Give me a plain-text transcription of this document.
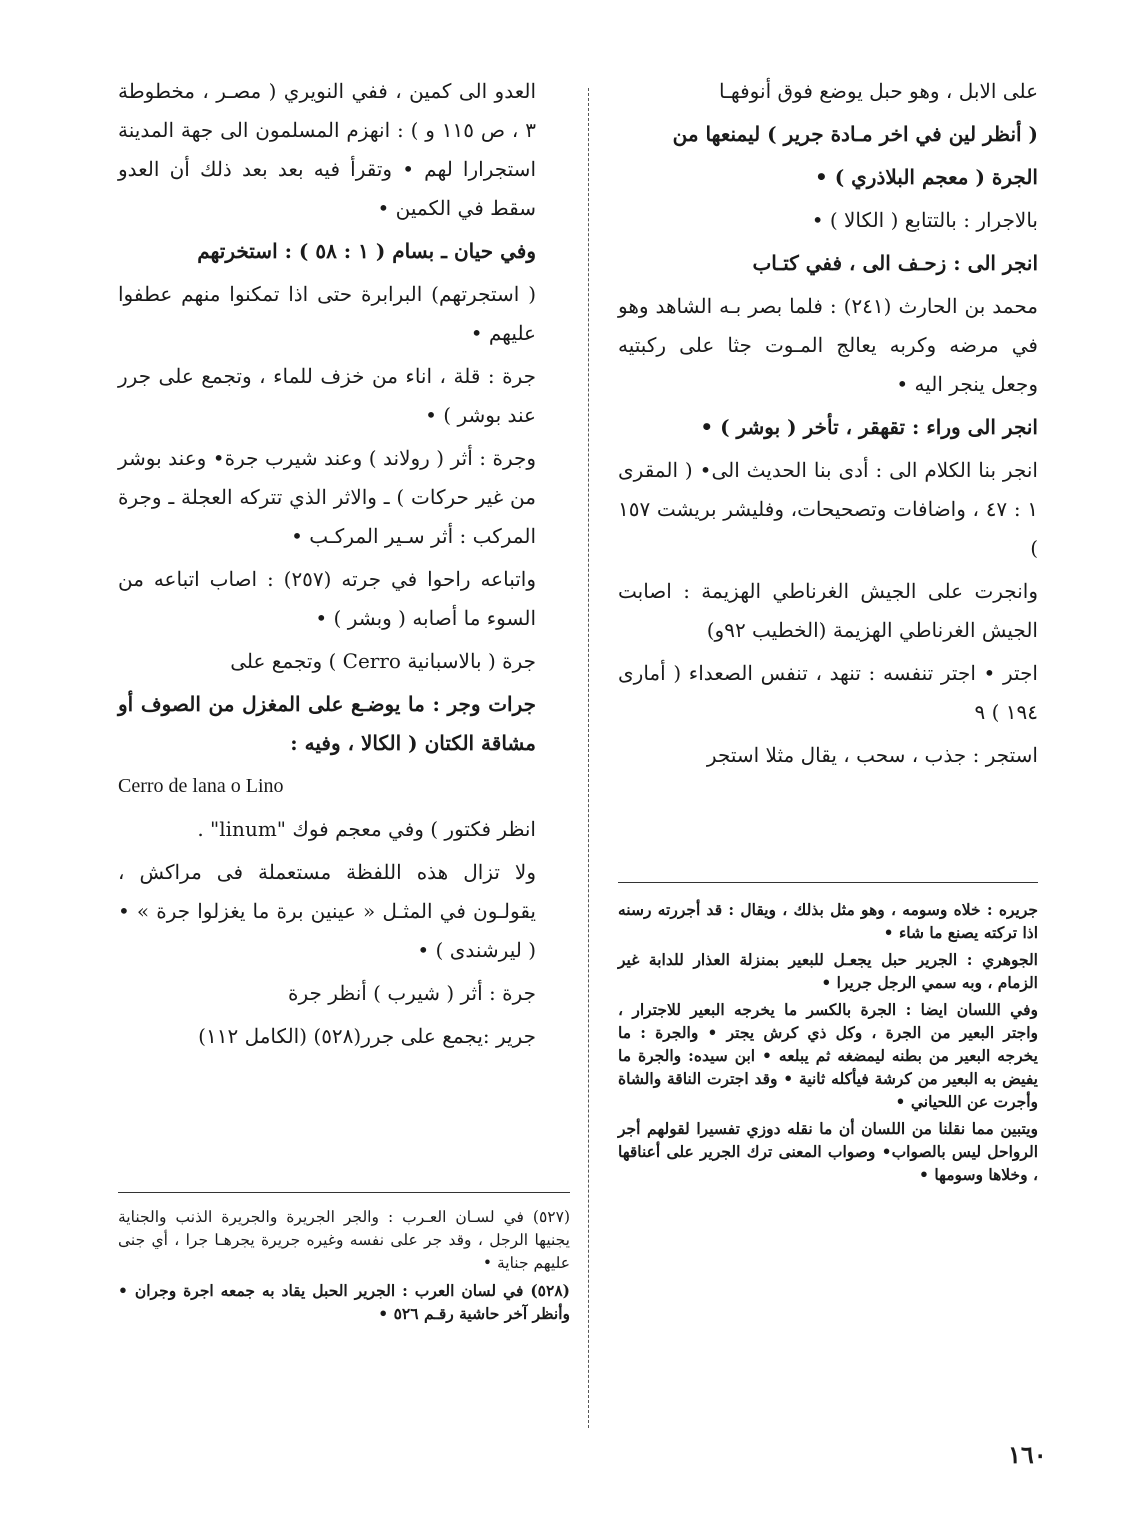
على الابل ، وهو حبل يوضع فوق أنوفهـا

( أنظر لين في اخر مـادة جرير ) ليمنعها من

الجرة ( معجم البلاذري ) •

بالاجرار : بالتتابع ( الكالا ) •

انجر الى : زحـف الى ، ففي كتـاب

محمد بن الحارث (٢٤١) : فلما بصر بـه الشاهد وهو في مرضه وكربه يعالج المـوت جثا على ركبتيه وجعل ينجر اليه •

انجر الى وراء : تقهقر ، تأخر ( بوشر ) •

انجر بنا الكلام الى : أدى بنا الحديث الى• ( المقرى ١ : ٤٧ ، واضافات وتصحيحات، وفليشر بريشت ١٥٧ )

وانجرت على الجيش الغرناطي الهزيمة : اصابت الجيش الغرناطي الهزيمة (الخطيب ٩٢و)

اجتر • اجتر تنفسه : تنهد ، تنفس الصعداء ( أمارى ١٩٤ ) ٩

استجر : جذب ، سحب ، يقال مثلا استجر

جريره : خلاه وسومه ، وهو مثل بذلك ، ويقال : قد أجررته رسنه اذا تركته يصنع ما شاء •

الجوهري : الجرير حبل يجعـل للبعير بمنزلة العذار للدابة غير الزمام ، وبه سمي الرجل جريرا •

وفي اللسان ايضا : الجرة بالكسر ما يخرجه البعير للاجترار ، واجتر البعير من الجرة ، وكل ذي كرش يجتر • والجرة : ما يخرجه البعير من بطنه ليمضغه ثم يبلعه • ابن سيده: والجرة ما يفيض به البعير من كرشة فيأكله ثانية • وقد اجترت الناقة والشاة وأجرت عن اللحياني •

ويتبين مما نقلنا من اللسان أن ما نقله دوزي تفسيرا لقولهم أجر الرواحل ليس بالصواب• وصواب المعنى ترك الجرير على أعناقها ، وخلاها وسومها •

العدو الى كمين ، ففي النويري ( مصـر ، مخطوطة ٣ ، ص ١١٥ و ) : انهزم المسلمون الى جهة المدينة استجرارا لهم • وتقرأ فيه بعد بعد ذلك أن العدو سقط في الكمين •

وفي حيان ـ بسام ( ١ : ٥٨ ) : استخرتهم

( استجرتهم) البرابرة حتى اذا تمكنوا منهم عطفوا عليهم •

جرة : قلة ، اناء من خزف للماء ، وتجمع على جرر عند بوشر ) •

وجرة : أثر ( رولاند ) وعند شيرب جرة• وعند بوشر من غير حركات ) ـ والاثر الذي تتركه العجلة ـ وجرة المركب : أثر سـير المركـب •

واتباعه راحوا في جرته (٢٥٧) : اصاب اتباعه من السوء ما أصابه ( وبشر ) •

جرة ( بالاسبانية Cerro ) وتجمع على

جرات وجر : ما يوضـع على المغزل من الصوف أو مشاقة الكتان ( الكالا ، وفيه :

Cerro de lana o Lino

انظر فكتور ) وفي معجم فوك "linum" .

ولا تزال هذه اللفظة مستعملة فى مراكش ، يقولـون في المثـل « عينين برة ما يغزلوا جرة » • ( ليرشندى ) •

جرة : أثر ( شيرب ) أنظر جرة

جرير :يجمع على جرر(٥٢٨) (الكامل ١١٢)

(٥٢٧) في لسـان العـرب : والجر الجريرة والجريرة الذنب والجناية يجنيها الرجل ، وقد جر على نفسه وغيره جريرة يجرهـا جرا ، أي جنى عليهم جناية •

(٥٢٨) في لسان العرب : الجرير الحبل يقاد به جمعه اجرة وجران • وأنظر آخر حاشية رقـم ٥٢٦ •

١٦٠
